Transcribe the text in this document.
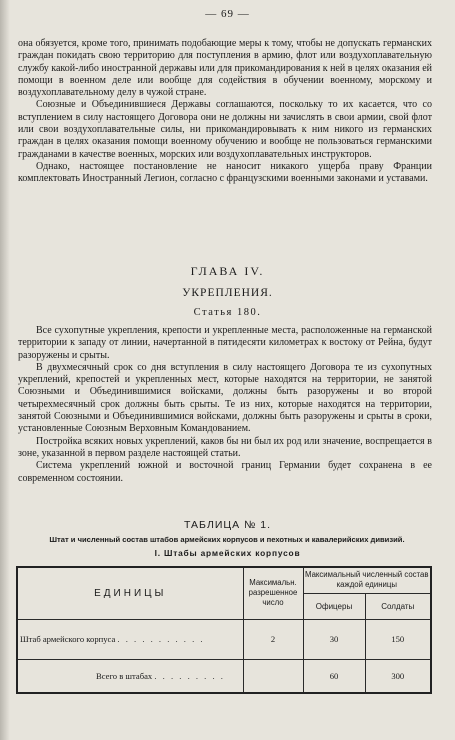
— 69 —

она обязуется, кроме того, принимать подобающие меры к тому, чтобы не допускать германских граждан покидать свою территорию для поступления в армию, флот или воздухоплавательную службу какой-либо иностранной державы или для прикомандирования к ней в целях оказания ей помощи в военном деле или вообще для содействия в обучении военному, морскому и воздухоплавательному делу в чужой стране.

Союзные и Объединившиеся Державы соглашаются, поскольку то их касается, что со вступлением в силу настоящего Договора они не должны ни зачислять в свои армии, свой флот или свои воздухоплавательные силы, ни прикомандировывать к ним никого из германских граждан в целях оказания помощи военному обучению и вообще не пользоваться германскими гражданами в качестве военных, морских или воздухоплавательных инструкторов.

Однако, настоящее постановление не наносит никакого ущерба праву Франции комплектовать Иностранный Легион, согласно с французскими военными законами и уставами.

ГЛАВА IV.
УКРЕПЛЕНИЯ.
Статья 180.

Все сухопутные укрепления, крепости и укрепленные места, расположенные на германской территории к западу от линии, начертанной в пятидесяти километрах к востоку от Рейна, будут разоружены и срыты.

В двухмесячный срок со дня вступления в силу настоящего Договора те из сухопутных укреплений, крепостей и укрепленных мест, которые находятся на территории, не занятой Союзными и Объединившимися войсками, должны быть разоружены и во второй четырехмесячный срок должны быть срыты. Те из них, которые находятся на территории, занятой Союзными и Объединившимися войсками, должны быть разоружены и срыты в сроки, установленные Союзным Верховным Командованием.

Постройка всяких новых укреплений, каков бы ни был их род или значение, воспрещается в зоне, указанной в первом разделе настоящей статьи.

Система укреплений южной и восточной границ Германии будет сохранена в ее современном состоянии.

ТАБЛИЦА № 1.
Штат и численный состав штабов армейских корпусов и пехотных и кавалерийских дивизий.
I. Штабы армейских корпусов
ЕДИНИЦЫ	Максимальн. разрешенное число	Максимальный численный состав каждой единицы	
		Офицеры	Солдаты
Штаб армейского корпуса . . . . . . . . . . .	2	30	150
Всего в штабах . . . . . . . . .		60	300
